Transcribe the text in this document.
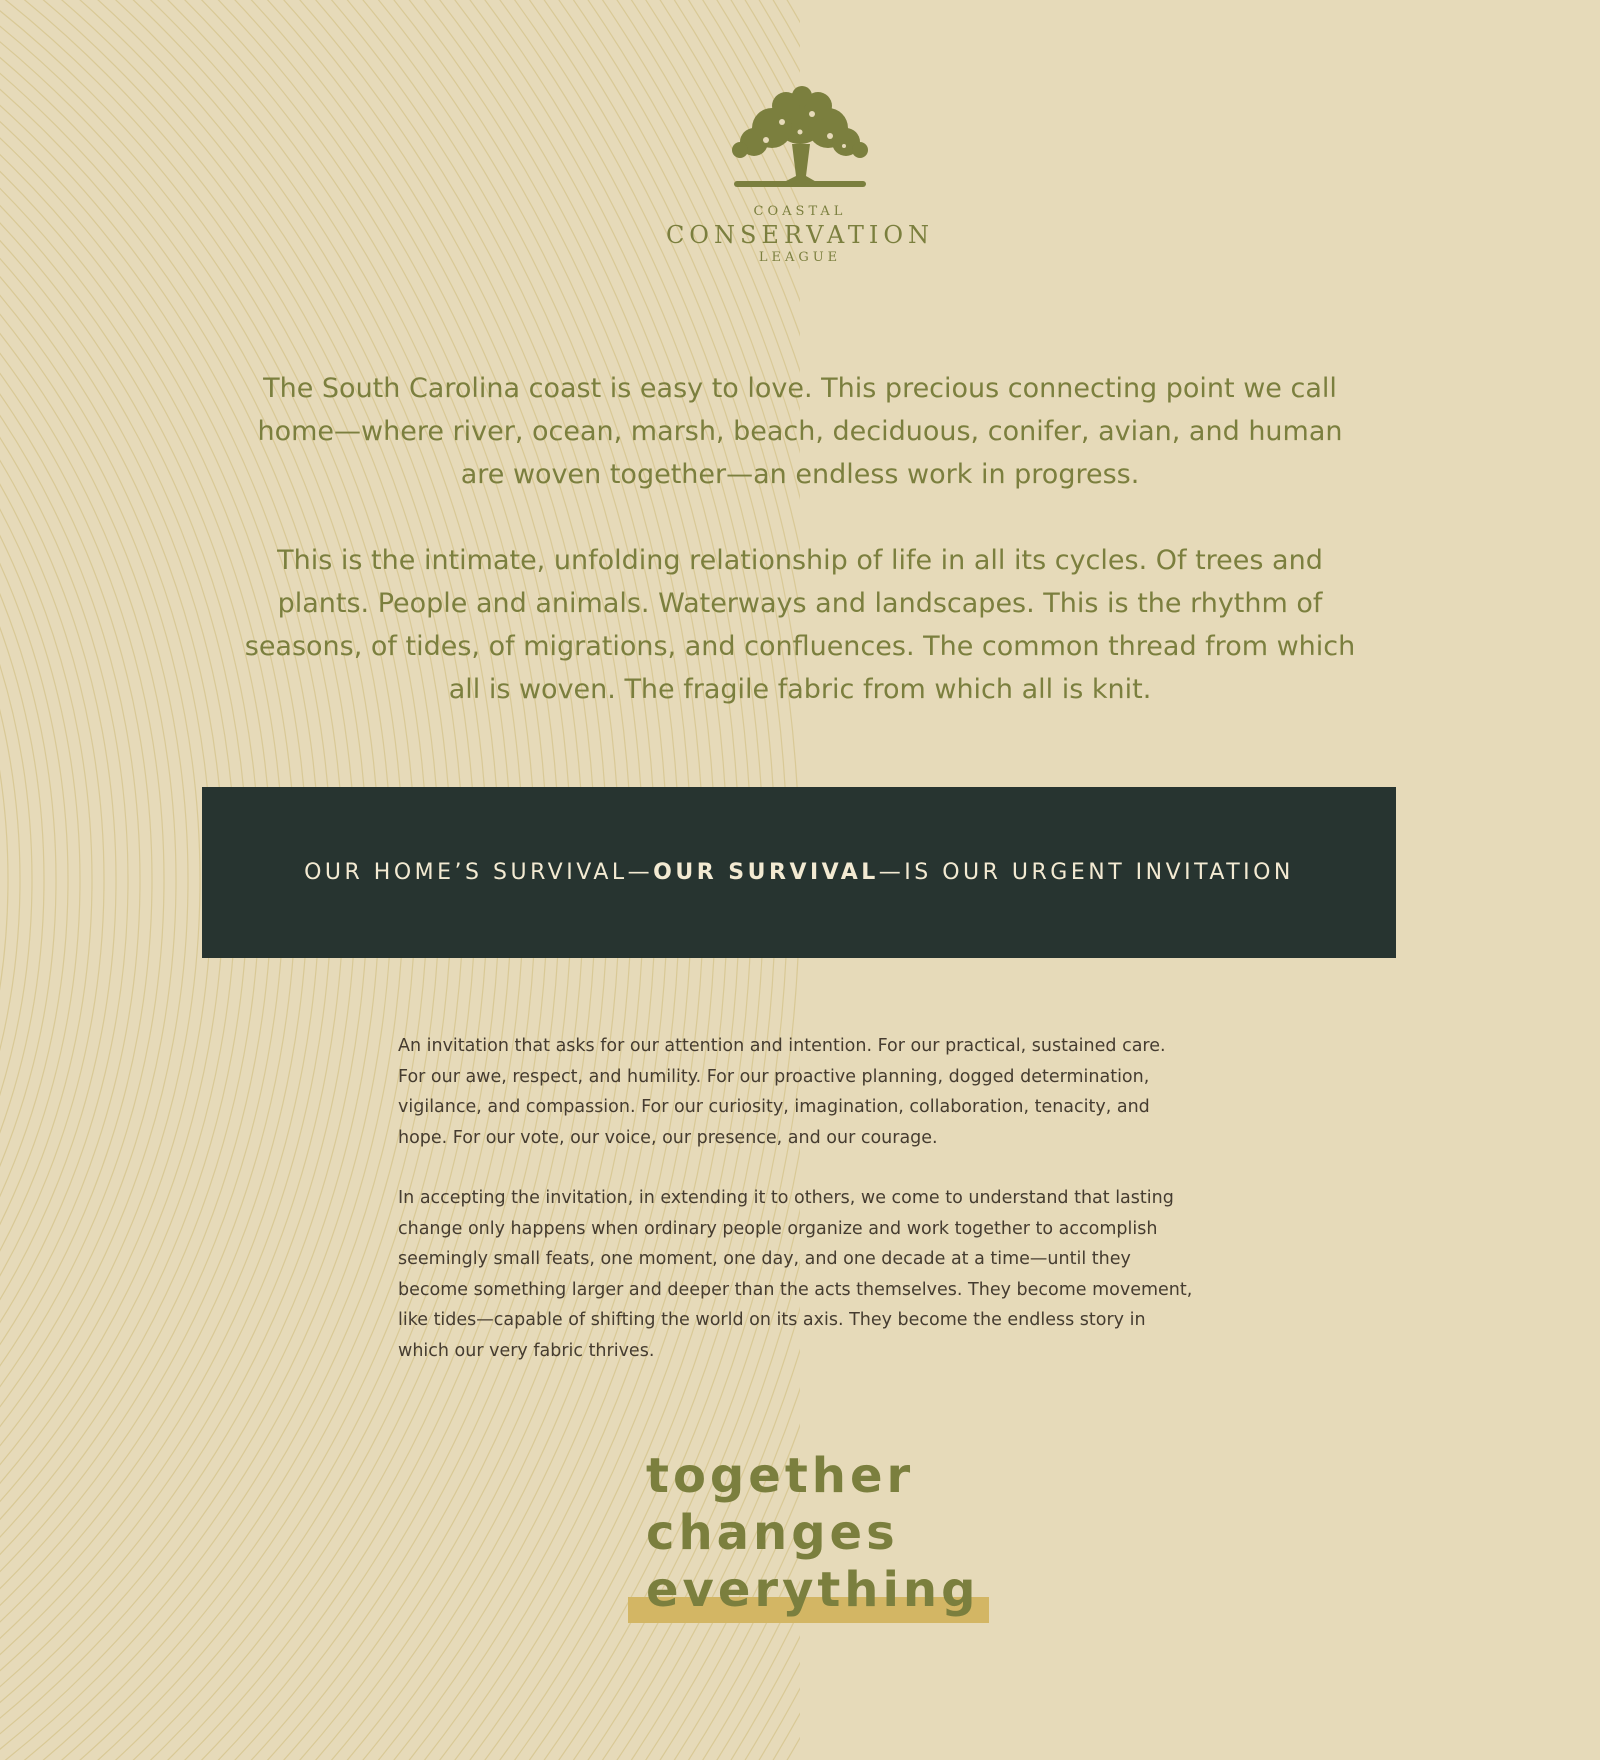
COASTAL
CONSERVATION
LEAGUE

The South Carolina coast is easy to love. This precious connecting point we call home—where river, ocean, marsh, beach, deciduous, conifer, avian, and human are woven together—an endless work in progress.

This is the intimate, unfolding relationship of life in all its cycles. Of trees and plants. People and animals. Waterways and landscapes. This is the rhythm of seasons, of tides, of migrations, and confluences. The common thread from which all is woven. The fragile fabric from which all is knit.

OUR HOME’S SURVIVAL—OUR SURVIVAL—IS OUR URGENT INVITATION

An invitation that asks for our attention and intention. For our practical, sustained care. For our awe, respect, and humility. For our proactive planning, dogged determination, vigilance, and compassion. For our curiosity, imagination, collaboration, tenacity, and hope. For our vote, our voice, our presence, and our courage.

In accepting the invitation, in extending it to others, we come to understand that lasting change only happens when ordinary people organize and work together to accomplish seemingly small feats, one moment, one day, and one decade at a time—until they become something larger and deeper than the acts themselves. They become movement, like tides—capable of shifting the world on its axis. They become the endless story in which our very fabric thrives.

together
changes
everything
